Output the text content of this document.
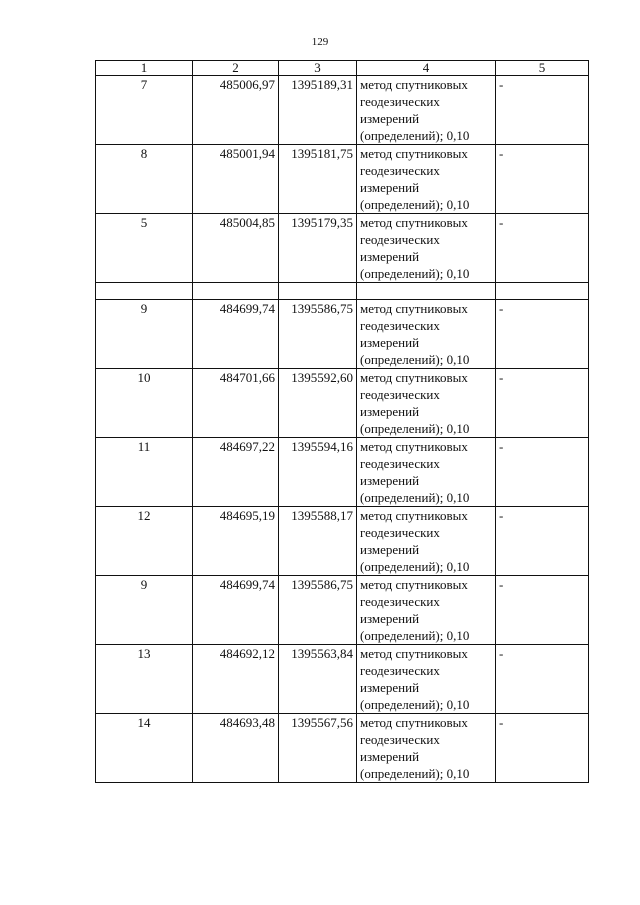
129
1	2	3	4	5
7	485006,97	1395189,31	метод спутниковых
геодезических
измерений
(определений); 0,10	-
8	485001,94	1395181,75	метод спутниковых
геодезических
измерений
(определений); 0,10	-
5	485004,85	1395179,35	метод спутниковых
геодезических
измерений
(определений); 0,10	-

9	484699,74	1395586,75	метод спутниковых
геодезических
измерений
(определений); 0,10	-
10	484701,66	1395592,60	метод спутниковых
геодезических
измерений
(определений); 0,10	-
11	484697,22	1395594,16	метод спутниковых
геодезических
измерений
(определений); 0,10	-
12	484695,19	1395588,17	метод спутниковых
геодезических
измерений
(определений); 0,10	-
9	484699,74	1395586,75	метод спутниковых
геодезических
измерений
(определений); 0,10	-
13	484692,12	1395563,84	метод спутниковых
геодезических
измерений
(определений); 0,10	-
14	484693,48	1395567,56	метод спутниковых
геодезических
измерений
(определений); 0,10	-
